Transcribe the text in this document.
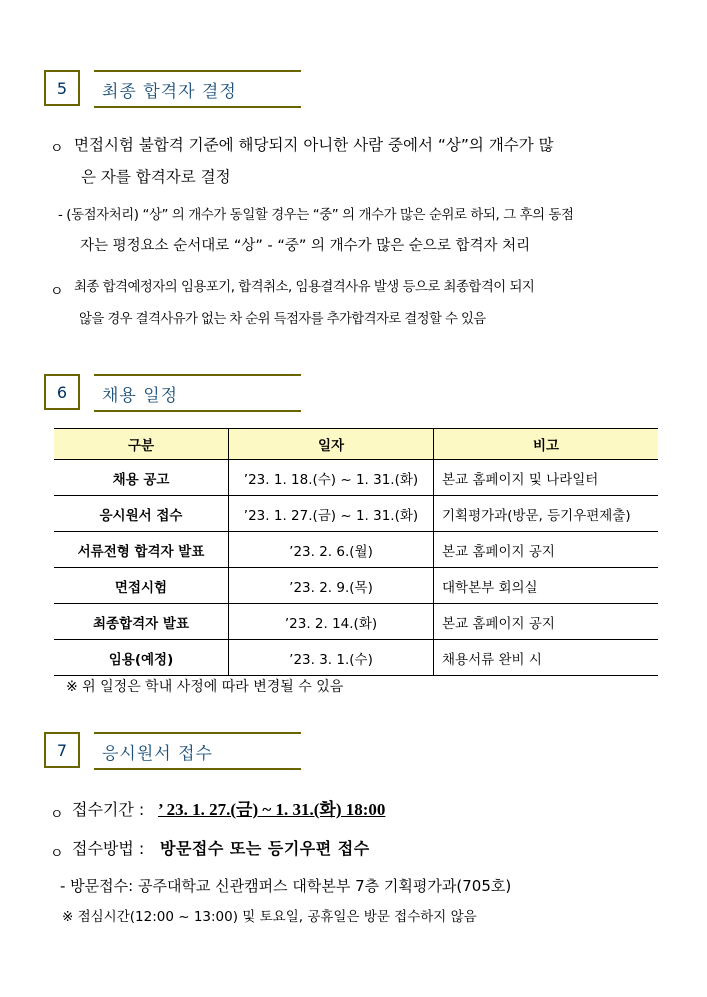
5	최종 합격자 결정
ㅇ 면접시험 불합격 기준에 해당되지 아니한 사람 중에서 “상”의 개수가 많
은 자를 합격자로 결정
- (동점자처리) “상” 의 개수가 동일할 경우는 “중” 의 개수가 많은 순위로 하되, 그 후의 동점
자는 평정요소 순서대로 “상” - “중” 의 개수가 많은 순으로 합격자 처리
ㅇ 최종 합격예정자의 임용포기, 합격취소, 임용결격사유 발생 등으로 최종합격이 되지
않을 경우 결격사유가 없는 차 순위 득점자를 추가합격자로 결정할 수 있음
6	채용 일정
구분	일자	비고
채용 공고	’23. 1. 18.(수) ~ 1. 31.(화)	본교 홈페이지 및 나라일터
응시원서 접수	’23. 1. 27.(금) ~ 1. 31.(화)	기획평가과(방문, 등기우편제출)
서류전형 합격자 발표	’23. 2. 6.(월)	본교 홈페이지 공지
면접시험	’23. 2. 9.(목)	대학본부 회의실
최종합격자 발표	’23. 2. 14.(화)	본교 홈페이지 공지
임용(예정)	’23. 3. 1.(수)	채용서류 완비 시
※ 위 일정은 학내 사정에 따라 변경될 수 있음
7	응시원서 접수
ㅇ 접수기간 : ’ 23. 1. 27.(금) ~ 1. 31.(화) 18:00
ㅇ 접수방법 : 방문접수 또는 등기우편 접수
- 방문접수: 공주대학교 신관캠퍼스 대학본부 7층 기획평가과(705호)
※ 점심시간(12:00 ~ 13:00) 및 토요일, 공휴일은 방문 접수하지 않음
